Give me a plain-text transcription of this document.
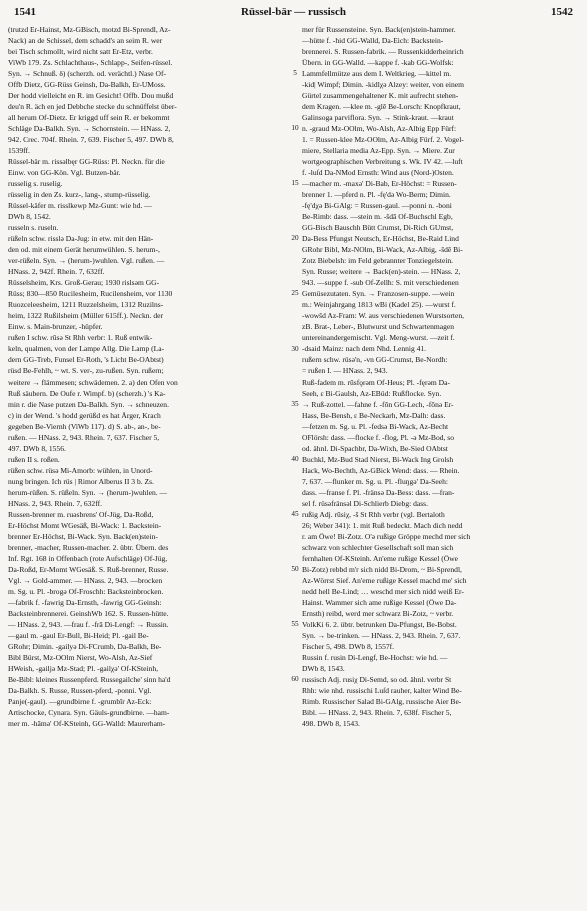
1541	Rüssel-bär — russisch	1542
(trutzd Er-Hainst, Mz-GBisch, motzd Bi-Sprendl, Az-
Nack) an de Schissel, dem schadd's an seim R. wer
bei Tisch schmollt, wird nicht satt Er-Etz, verbr.
ViWb 179. Zs. Schlachthaus-, Schlapp-, Seifen-rüssel.
Syn. → Schnuß. δ) (scherzh. od. verächtl.) Nase Of-
Offb Dietz, GG-Rüss Geinsh, Da-Balkh, Er-UMoss.
Der hodd vielleicht en R. im Gesicht! Offb. Dou mußd
deu'n R. äch en jed Debbche stecke du schnüffelst über-
all herum Of-Dietz. Er kriggd uff sein R. er bekommt
Schläge Da-Balkh. Syn. → Schornstein. — HNass. 2,
942. Crec. 704f. Rhein. 7, 639. Fischer 5, 497. DWb 8,
1539ff.
Rüssel-bär m. rissəlbęr GG-Rüss: Pl. Neckn. für die
Einw. von GG-Kön. Vgl. Butzen-bär.
russelig s. ruselig.
rüsselig in den Zs. kurz-, lang-, stump-rüsselig.
Rüssel-käfer m. risslkewp Mz-Gunt: wie hd. —
DWb 8, 1542.
russeln s. ruseln.
rüßeln schw. risslə Da-Jug: in etw. mit den Hän-
den od. mit einem Gerät herumwühlen. S. herum-,
ver-rüßeln. Syn. → (herum-)wuhlen. Vgl. rußen. —
HNass. 2, 942f. Rhein. 7, 632ff.
Rüsselsheim, Krs. Groß-Gerau; 1930 rislsəm GG-
Rüss; 830—850 Rucilesheim, Rucilensheim, vor 1130
Ruozceleesheim, 1211 Ruzzelsheim, 1312 Ruzilns-
heim, 1322 Rußilsheim (Müller 615ff.). Neckn. der
Einw. s. Main-brunzer, -hüpfer.
rußen I schw. rūsə St Rhh verbr: 1. Ruß entwik-
keln, qualmen, von der Lampe Allg. Die Lamp (La-
dern GG-Treb, Funsel Er-Roth, 's Licht Be-OAbtst)
rüsd Be-Fehlh, ~ wt. S. ver-, zu-rußen. Syn. rußern;
weitere → flämmesen; schwädemen. 2. a) den Ofen von
Ruß säubern. De Oufe r. Wimpf. b) (scherzh.) 's Ka-
min r. die Nase putzen Da-Balkh. Syn. → schneuzen.
c) in der Wend. 's hodd gerüßd es hat Ärger, Krach
gegeben Be-Viernh (ViWb 117). d) S. ab-, an-, be-
rußen. — HNass. 2, 943. Rhein. 7, 637. Fischer 5,
497. DWb 8, 1556.
rußen II s. roßen.
rüßen schw. rüsə Mi-Amorb: wühlen, in Unord-
nung bringen. Ich rüs | Rimor Alberus II 3 b. Zs.
herum-rüßen. S. rüßeln. Syn. → (herum-)wuhlen. —
HNass. 2, 943. Rhein. 7, 632ff.
Russen-brenner m. ruəsbrens' Of-Jüg, Da-Roßd,
Er-Höchst Momt WGesäß, Bi-Wack: 1. Backstein-
brenner Er-Höchst, Bi-Wack. Syn. Back(en)stein-
brenner, -macher, Russen-macher. 2. übtr. Übern. des
Inf. Rgt. 168 in Offenbach (rote Aufschläge) Of-Jüg,
Da-Roßd, Er-Momt WGesäß. S. Ruß-brenner, Russe.
Vgl. → Gold-ammer. — HNass. 2, 943. —brocken
m. Sg. u. Pl. -brogə Of-Froschh: Backsteinbrocken.
—fabrik f. -fawrig Da-Ernsth, -fawrig GG-Geinsh:
Backsteinbrennerei. GeinshWb 162. S. Russen-hütte.
— HNass. 2, 943. —frau f. -frā Di-Lengf: → Russin.
—gaul m. -gaul Er-Bull, Bi-Heid; Pl. -gail Be-
GRohr; Dimin. -gailyə Di-FCrumb, Da-Balkh, Be-
Bibl Bürst, Mz-OOlm Nierst, Wo-Alsh, Az-Sief
HWeish, -gailjə Mz-Stad; Pl. -gailχə' Of-KSteinh,
Be-Bibl: kleines Russenpferd. Russegailche' sinn ha'd
Da-Balkh. S. Russe, Russen-pferd, -ponni. Vgl.
Panje(-gaul). —grundbirne f. -grumbīr Az-Eck:
Artischocke, Cynara. Syn. Gäuls-grundbirne. —ham-
mer m. -hāmə' Of-KSteinh, GG-Walld: Maurerham-
5
10
15
20
25
30
35
40
45
50
55
60
mer für Russensteine. Syn. Back(en)stein-hammer.
—hütte f. -hid GG-Walld, Da-Eich: Backstein-
brennerei. S. Russen-fabrik. — Russenkidderheinrich
Übern. in GG-Walld. —kappe f. -kab GG-Wolfsk:
Lammfellmütze aus dem I. Weltkrieg. —kittel m.
-kid| Wimpf; Dimin. -kidlχə Alzey: weiter, von einem
Gürtel zusammengehaltener K. mit aufrecht stehen-
dem Kragen. —klee m. -glē Be-Lorsch: Knopfkraut,
Galinsoga parviflora. Syn. → Stink-kraut. —kraut
n. -graud Mz-OOlm, Wo-Alsh, Az-Albig Epp Fürf:
1. = Russen-klee Mz-OOlm, Az-Albig Fürf. 2. Vogel-
miere, Stellaria media Az-Epp. Syn. → Miere. Zur
wortgeographischen Verbreitung s. Wk. IV 42. —luft
f. -luſd Da-NMod Ernsth: Wind aus (Nord-)Osten.
—macher m. -maxə' Di-Bab, Er-Höchst: = Russen-
brenner 1. —pferd n. Pl. -fę'də Wo-Berm; Dimin.
-fę'dχə Bi-GAlg: = Russen-gaul. —ponni n. -boni
Be-Rimb: dass. —stein m. -šdā Of-Buchschl Egb,
GG-Bisch Bauschh Bütt Crumst, Di-Rich GUmst,
Da-Bess Pfungst Neutsch, Er-Höchst, Be-Raid Lind
GRohr Bibl, Mz-NOlm, Bi-Wack, Az-Albig, -šdē Bi-
Zotz Biebelsh: im Feld gebrannter Tonziegelstein.
Syn. Russe; weitere → Back(en)-stein. — HNass. 2,
943. —suppe f. -sub Of-Zellh: S. mit verschiedenen
Gemüsezutaten. Syn. → Franzosen-suppe. —wein
m.: Weinjahrgang 1813 wBi (Kadel 25). —wurst f.
-wowšd Az-Fram: W. aus verschiedenen Wurstsorten,
zB. Brat-, Leber-, Blutwurst und Schwartenmagen
untereinandergemischt. Vgl. Meng-wurst. —zeit f.
-dsaid Mainz: nach dem Nhd. Lennig 41.
rußern schw. rüsə'n, -vn GG-Crumst, Be-Nordh:
= rußen I. — HNass. 2, 943.
Ruß-fadem m. rūsfǫrəm Of-Heus; Pl. -fęrəm Da-
Seeh, ε Bi-Gaulsh, Az-EBüd: Rußflocke. Syn.
→ Ruß-zottel. —fahne f. -fōn GG-Lech, -fōnə Er-
Hass, Be-Bensh, ε Be-Neckarh, Mz-Dalh: dass.
—fetzen m. Sg. u. Pl. -fedsə Bi-Wack, Az-Becht
OFlörsh: dass. —flocke f. -flog, Pl. -ə Mz-Bod, so
od. ähnl. Di-Spachbr, Da-Wixh, Be-Sied OAbtst
Buchkl, Mz-Bud Stad Nierst, Bi-Wack Ing Grolsh
Hack, Wo-Bechth, Az-GBick Wend: dass. — Rhein.
7, 637. —flunker m. Sg. u. Pl. -fluŋgə' Da-Seeh:
dass. —franse f. Pl. -fränsə Da-Bess: dass. —fran-
sel f. rüsəfränsəl Di-Schlierb Diebg: dass.
rußig Adj. rūsiχ, -š St Rhh verbr (vgl. Bertaloth
26; Weber 341): 1. mit Ruß bedeckt. Mach dich nedd
r. am Öwe! Bi-Zotz. O'ə rußige Gröppe mechd mer sich
schwarz von schlechter Gesellschaft soll man sich
fernhalten Of-KSteinh. An'eme rußige Kessel (Öwe
Bi-Zotz) rebbd m'r sich nidd Bi-Drom, ~ Bi-Sprendl,
Az-Wörrst Sief. An'eme rußige Kessel machd me' sich
nedd hell Be-Lind; … weschd mer sich nidd weiß Er-
Hainst. Wammer sich ame rußige Kessel (Öwe Da-
Ernsth) reibd, werd mer schwarz Bi-Zotz, ~ verbr.
VolkKi 6. 2. übtr. betrunken Da-Pfungst, Be-Bobst.
Syn. → be-trinken. — HNass. 2, 943. Rhein. 7, 637.
Fischer 5, 498. DWb 8, 1557f.
Russin f. rusin Di-Lengf, Be-Hochst: wie hd. —
DWb 8, 1543.
russisch Adj. rusiχ Di-Semd, so od. ähnl. verbr St
Rhh: wie nhd. russischi Luſd rauher, kalter Wind Be-
Rimb. Russischer Salad Bi-GAlg, russische Aier Be-
Bibl. — HNass. 2, 943. Rhein. 7, 638f. Fischer 5,
498. DWb 8, 1543.
